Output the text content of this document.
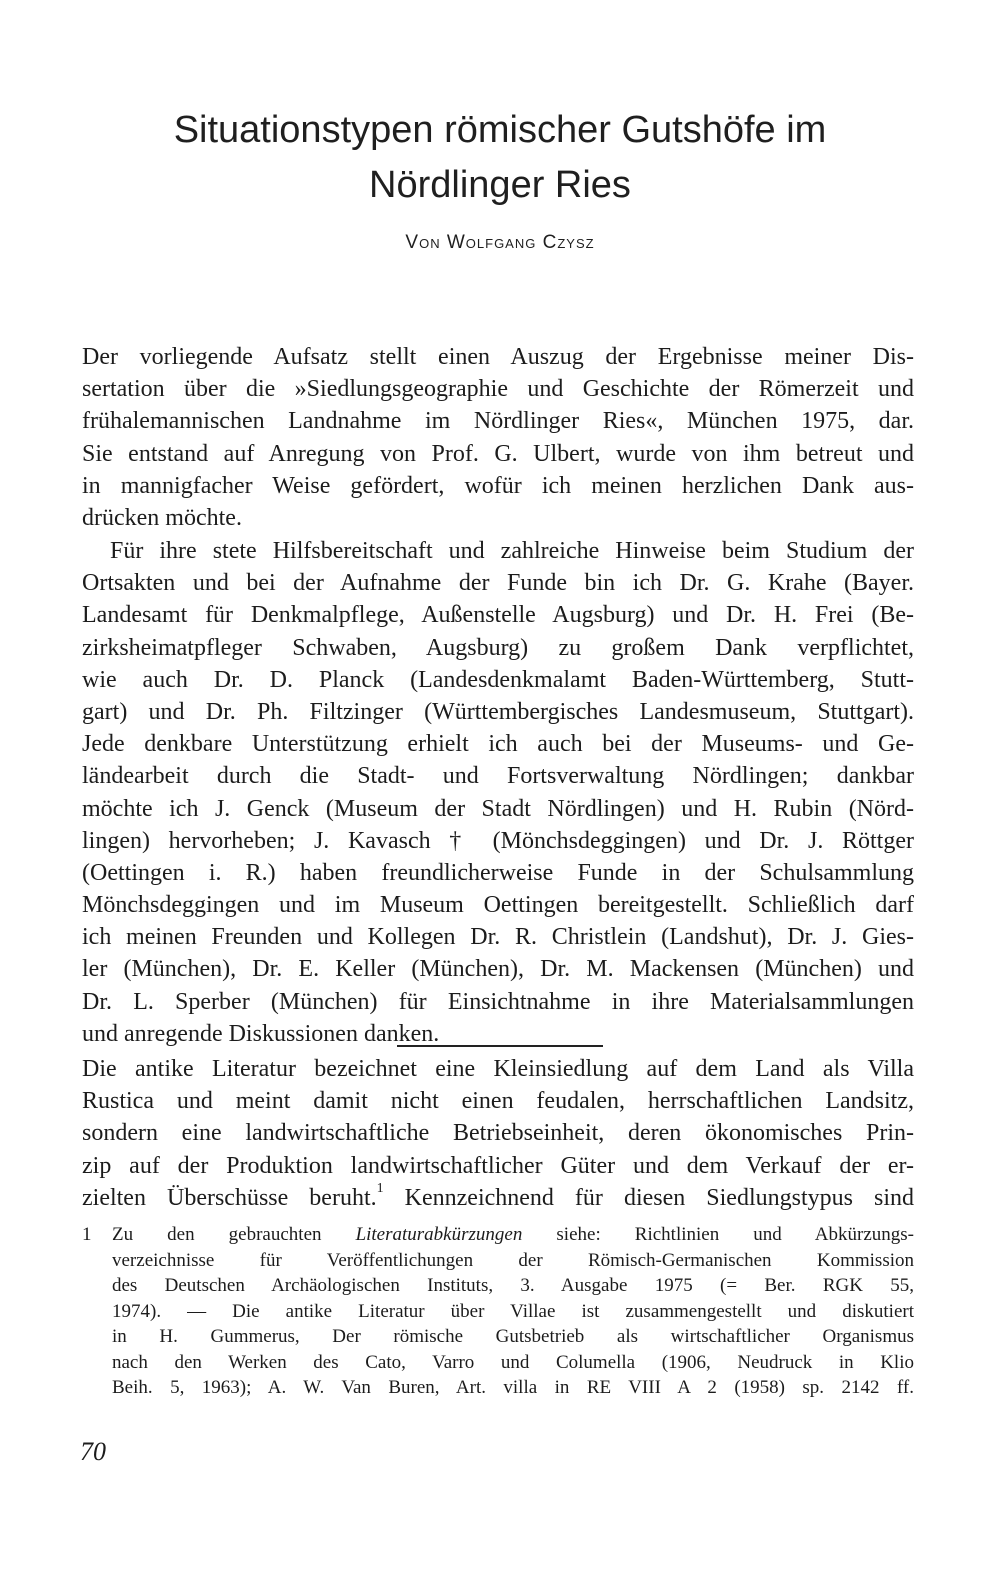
Situationstypen römischer Gutshöfe im
Nördlinger Ries
Von Wolfgang Czysz
Der vorliegende Aufsatz stellt einen Auszug der Ergebnisse meiner Dis-
sertation über die »Siedlungsgeographie und Geschichte der Römerzeit und
frühalemannischen Landnahme im Nördlinger Ries«, München 1975, dar.
Sie entstand auf Anregung von Prof. G. Ulbert, wurde von ihm betreut und
in mannigfacher Weise gefördert, wofür ich meinen herzlichen Dank aus-
drücken möchte.
Für ihre stete Hilfsbereitschaft und zahlreiche Hinweise beim Studium der
Ortsakten und bei der Aufnahme der Funde bin ich Dr. G. Krahe (Bayer.
Landesamt für Denkmalpflege, Außenstelle Augsburg) und Dr. H. Frei (Be-
zirksheimatpfleger Schwaben, Augsburg) zu großem Dank verpflichtet,
wie auch Dr. D. Planck (Landesdenkmalamt Baden-Württemberg, Stutt-
gart) und Dr. Ph. Filtzinger (Württembergisches Landesmuseum, Stuttgart).
Jede denkbare Unterstützung erhielt ich auch bei der Museums- und Ge-
ländearbeit durch die Stadt- und Fortsverwaltung Nördlingen; dankbar
möchte ich J. Genck (Museum der Stadt Nördlingen) und H. Rubin (Nörd-
lingen) hervorheben; J. Kavasch † (Mönchsdeggingen) und Dr. J. Röttger
(Oettingen i. R.) haben freundlicherweise Funde in der Schulsammlung
Mönchsdeggingen und im Museum Oettingen bereitgestellt. Schließlich darf
ich meinen Freunden und Kollegen Dr. R. Christlein (Landshut), Dr. J. Gies-
ler (München), Dr. E. Keller (München), Dr. M. Mackensen (München) und
Dr. L. Sperber (München) für Einsichtnahme in ihre Materialsammlungen
und anregende Diskussionen danken.
Die antike Literatur bezeichnet eine Kleinsiedlung auf dem Land als Villa
Rustica und meint damit nicht einen feudalen, herrschaftlichen Landsitz,
sondern eine landwirtschaftliche Betriebseinheit, deren ökonomisches Prin-
zip auf der Produktion landwirtschaftlicher Güter und dem Verkauf der er-
zielten Überschüsse beruht.$^1$ Kennzeichnend für diesen Siedlungstypus sind
1 Zu den gebrauchten Literaturabkürzungen siehe: Richtlinien und Abkürzungs-
verzeichnisse für Veröffentlichungen der Römisch-Germanischen Kommission
des Deutschen Archäologischen Instituts, 3. Ausgabe 1975 (= Ber. RGK 55,
1974). — Die antike Literatur über Villae ist zusammengestellt und diskutiert
in H. Gummerus, Der römische Gutsbetrieb als wirtschaftlicher Organismus
nach den Werken des Cato, Varro und Columella (1906, Neudruck in Klio
Beih. 5, 1963); A. W. Van Buren, Art. villa in RE VIII A 2 (1958) sp. 2142 ff.
70
